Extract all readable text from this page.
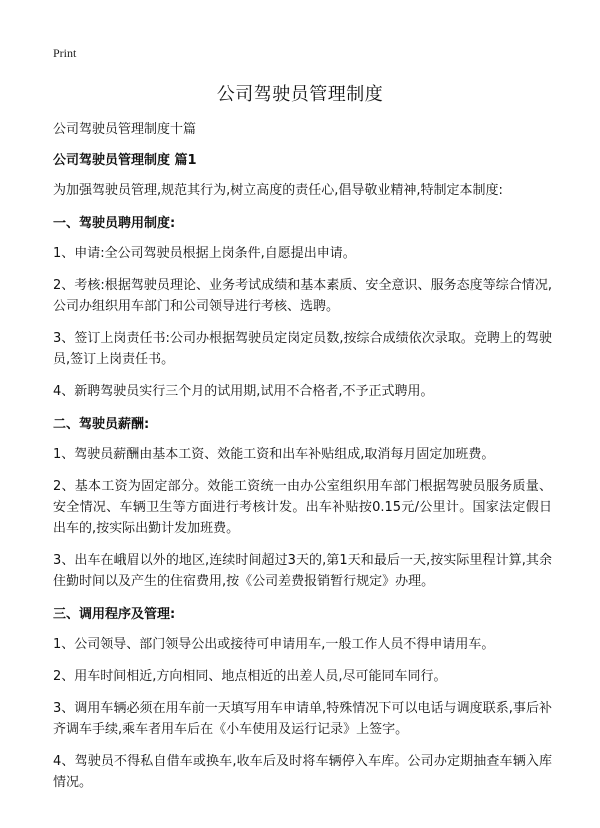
Print
公司驾驶员管理制度

公司驾驶员管理制度十篇

公司驾驶员管理制度 篇1

为加强驾驶员管理,规范其行为,树立高度的责任心,倡导敬业精神,特制定本制度:

一、驾驶员聘用制度:

1、申请:全公司驾驶员根据上岗条件,自愿提出申请。

2、考核:根据驾驶员理论、业务考试成绩和基本素质、安全意识、服务态度等综合情况,公司办组织用车部门和公司领导进行考核、选聘。

3、签订上岗责任书:公司办根据驾驶员定岗定员数,按综合成绩依次录取。竞聘上的驾驶员,签订上岗责任书。

4、新聘驾驶员实行三个月的试用期,试用不合格者,不予正式聘用。

二、驾驶员薪酬:

1、驾驶员薪酬由基本工资、效能工资和出车补贴组成,取消每月固定加班费。

2、基本工资为固定部分。效能工资统一由办公室组织用车部门根据驾驶员服务质量、安全情况、车辆卫生等方面进行考核计发。出车补贴按0.15元/公里计。国家法定假日出车的,按实际出勤计发加班费。

3、出车在峨眉以外的地区,连续时间超过3天的,第1天和最后一天,按实际里程计算,其余住勤时间以及产生的住宿费用,按《公司差费报销暂行规定》办理。

三、调用程序及管理:

1、公司领导、部门领导公出或接待可申请用车,一般工作人员不得申请用车。

2、用车时间相近,方向相同、地点相近的出差人员,尽可能同车同行。

3、调用车辆必须在用车前一天填写用车申请单,特殊情况下可以电话与调度联系,事后补齐调车手续,乘车者用车后在《小车使用及运行记录》上签字。

4、驾驶员不得私自借车或换车,收车后及时将车辆停入车库。公司办定期抽查车辆入库情况。
